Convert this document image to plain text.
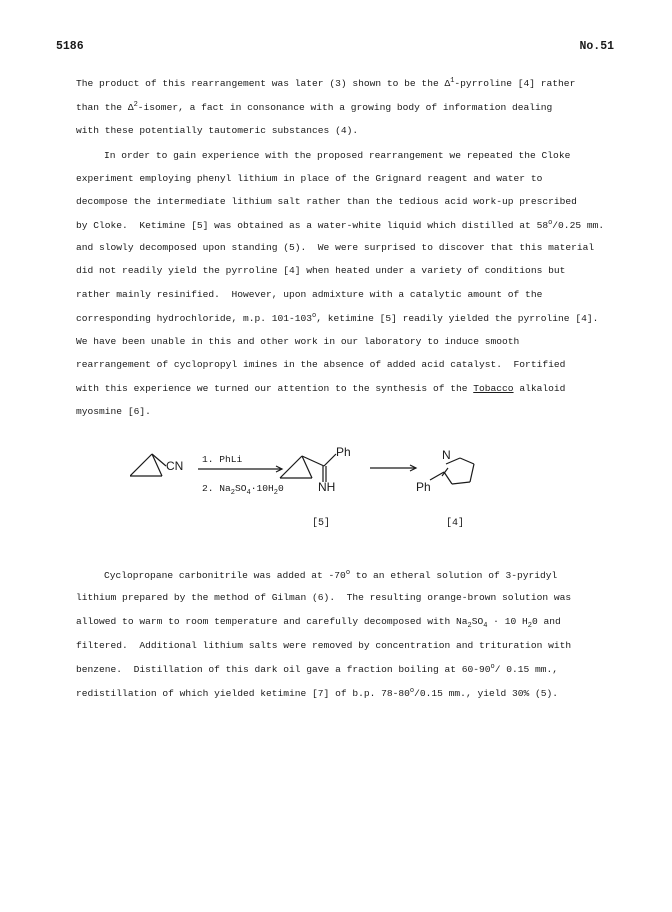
5186	No.51
The product of this rearrangement was later (3) shown to be the $\Delta^1$-pyrroline [4] rather
than the $\Delta^2$-isomer, a fact in consonance with a growing body of information dealing
with these potentially tautomeric substances (4).
In order to gain experience with the proposed rearrangement we repeated the Cloke
experiment employing phenyl lithium in place of the Grignard reagent and water to
decompose the intermediate lithium salt rather than the tedious acid work-up prescribed
by Cloke.  Ketimine [5] was obtained as a water-white liquid which distilled at 58$^o$/0.25 mm.
and slowly decomposed upon standing (5).  We were surprised to discover that this material
did not readily yield the pyrroline [4] when heated under a variety of conditions but
rather mainly resinified.  However, upon admixture with a catalytic amount of the
corresponding hydrochloride, m.p. 101-103$^o$, ketimine [5] readily yielded the pyrroline [4].
We have been unable in this and other work in our laboratory to induce smooth
rearrangement of cyclopropyl imines in the absence of added acid catalyst.  Fortified
with this experience we turned our attention to the synthesis of the Tobacco alkaloid
myosmine [6].
CN 1. PhLi
2. $Na_2SO_4\cdot 10H_20$
Ph
NH
N
Ph
[5]	[4]
Cyclopropane carbonitrile was added at -70$^o$ to an etheral solution of 3-pyridyl
lithium prepared by the method of Gilman (6).  The resulting orange-brown solution was
allowed to warm to room temperature and carefully decomposed with $Na_2SO_4 \cdot 10$ $H_20$ and
filtered.  Additional lithium salts were removed by concentration and trituration with
benzene.  Distillation of this dark oil gave a fraction boiling at 60-90$^o$/ 0.15 mm.,
redistillation of which yielded ketimine [7] of b.p. 78-80$^o$/0.15 mm., yield 30% (5).
